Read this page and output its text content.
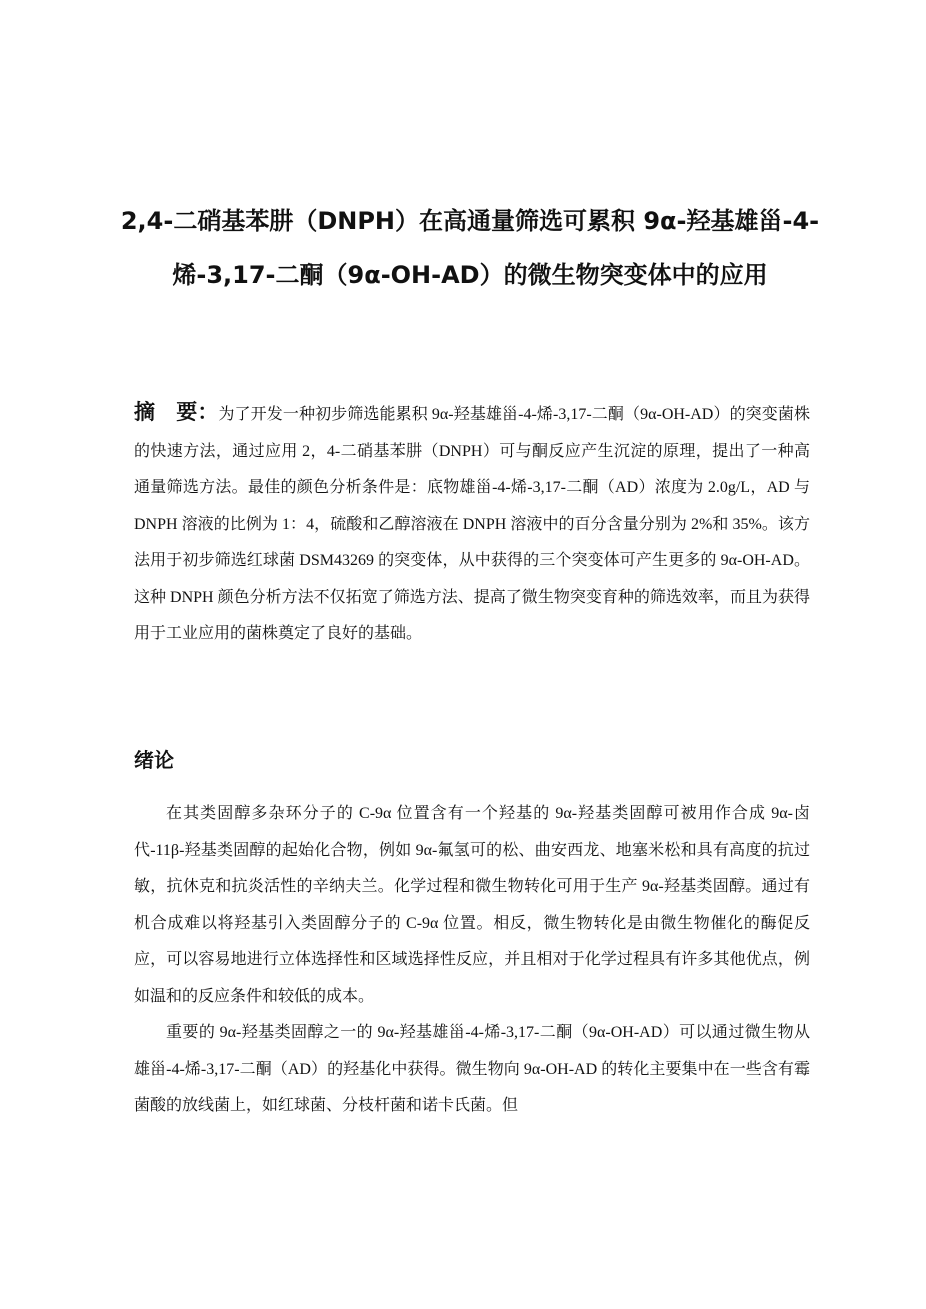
2,4-二硝基苯肼（DNPH）在高通量筛选可累积 9α-羟基雄甾-4-烯-3,17-二酮（9α-OH-AD）的微生物突变体中的应用

摘　要：为了开发一种初步筛选能累积 9α-羟基雄甾-4-烯-3,17-二酮（9α-OH-AD）的突变菌株的快速方法，通过应用 2，4-二硝基苯肼（DNPH）可与酮反应产生沉淀的原理，提出了一种高通量筛选方法。最佳的颜色分析条件是：底物雄甾-4-烯-3,17-二酮（AD）浓度为 2.0g/L，AD 与 DNPH 溶液的比例为 1：4，硫酸和乙醇溶液在 DNPH 溶液中的百分含量分别为 2%和 35%。该方法用于初步筛选红球菌 DSM43269 的突变体，从中获得的三个突变体可产生更多的 9α-OH-AD。这种 DNPH 颜色分析方法不仅拓宽了筛选方法、提高了微生物突变育种的筛选效率，而且为获得用于工业应用的菌株奠定了良好的基础。

绪论

在其类固醇多杂环分子的 C-9α 位置含有一个羟基的 9α-羟基类固醇可被用作合成 9α-卤代-11β-羟基类固醇的起始化合物，例如 9α-氟氢可的松、曲安西龙、地塞米松和具有高度的抗过敏，抗休克和抗炎活性的辛纳夫兰。化学过程和微生物转化可用于生产 9α-羟基类固醇。通过有机合成难以将羟基引入类固醇分子的 C-9α 位置。相反，微生物转化是由微生物催化的酶促反应，可以容易地进行立体选择性和区域选择性反应，并且相对于化学过程具有许多其他优点，例如温和的反应条件和较低的成本。

重要的 9α-羟基类固醇之一的 9α-羟基雄甾-4-烯-3,17-二酮（9α-OH-AD）可以通过微生物从雄甾-4-烯-3,17-二酮（AD）的羟基化中获得。微生物向 9α-OH-AD 的转化主要集中在一些含有霉菌酸的放线菌上，如红球菌、分枝杆菌和诺卡氏菌。但
